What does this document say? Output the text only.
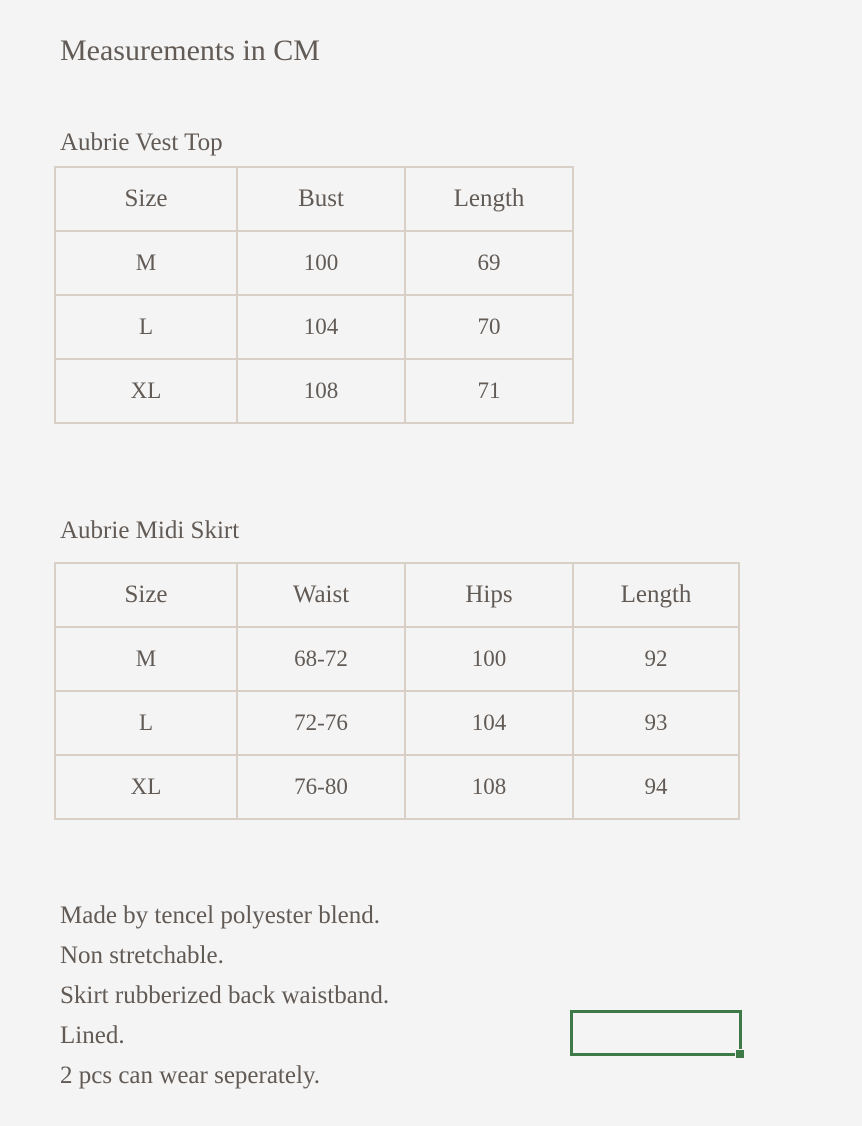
Measurements in CM
Aubrie Vest Top
Size	Bust	Length
M	100	69
L	104	70
XL	108	71
Aubrie Midi Skirt
Size	Waist	Hips	Length
M	68-72	100	92
L	72-76	104	93
XL	76-80	108	94
Made by tencel polyester blend.
Non stretchable.
Skirt rubberized back waistband.
Lined.
2 pcs can wear seperately.
